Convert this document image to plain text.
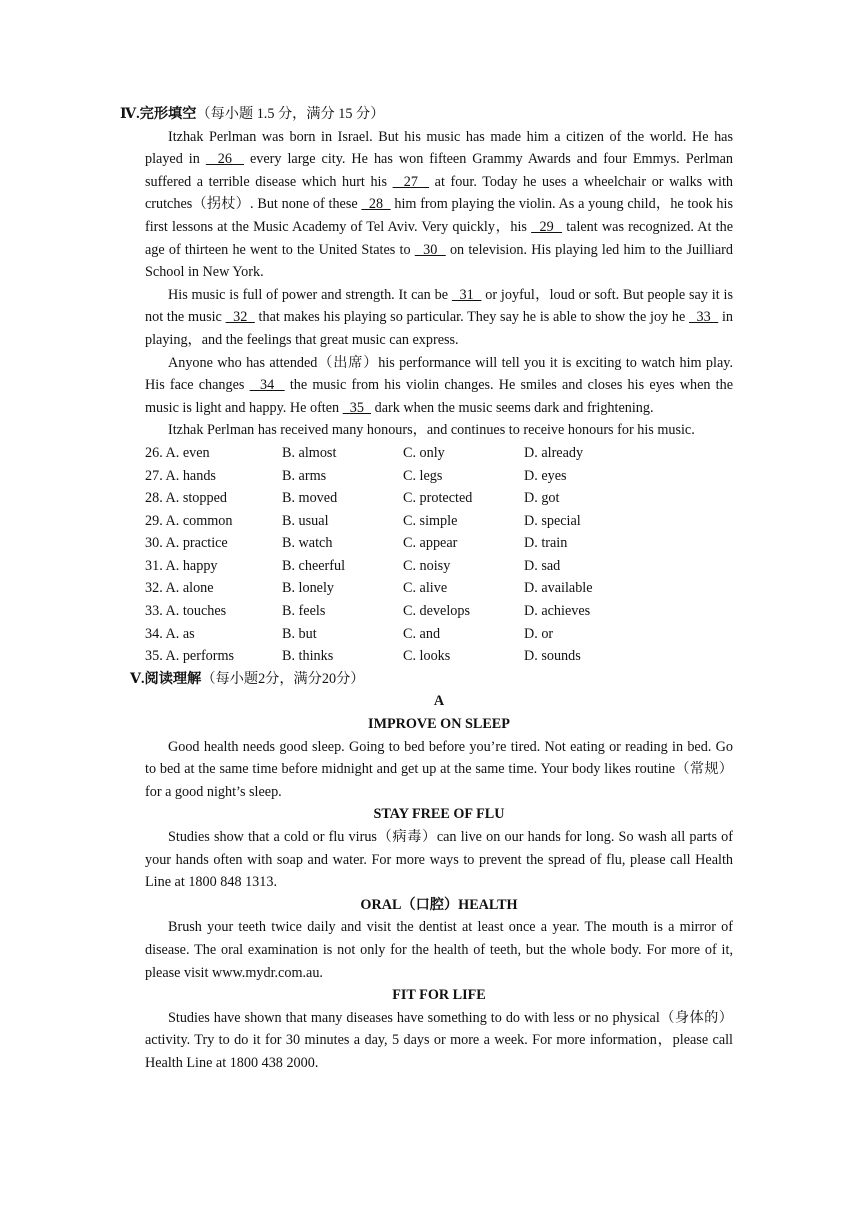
Ⅳ.完形填空（每小题 1.5 分，满分 15 分）

Itzhak Perlman was born in Israel. But his music has made him a citizen of the world. He has played in   26   every large city. He has won fifteen Grammy Awards and four Emmys. Perlman suffered a terrible disease which hurt his   27   at four. Today he uses a wheelchair or walks with crutches（拐杖）. But none of these   28   him from playing the violin. As a young child，he took his first lessons at the Music Academy of Tel Aviv. Very quickly，his   29   talent was recognized. At the age of thirteen he went to the United States to   30   on television. His playing led him to the Juilliard School in New York.

His music is full of power and strength. It can be   31   or joyful，loud or soft. But people say it is not the music   32   that makes his playing so particular. They say he is able to show the joy he   33   in playing，and the feelings that great music can express.

Anyone who has attended（出席）his performance will tell you it is exciting to watch him play. His face changes   34   the music from his violin changes. He smiles and closes his eyes when the music is light and happy. He often   35   dark when the music seems dark and frightening.

Itzhak Perlman has received many honours，and continues to receive honours for his music.

26. A. even	B. almost	C. only	D. already
27. A. hands	B. arms	C. legs	D. eyes
28. A. stopped	B. moved	C. protected	D. got
29. A. common	B. usual	C. simple	D. special
30. A. practice	B. watch	C. appear	D. train
31. A. happy	B. cheerful	C. noisy	D. sad
32. A. alone	B. lonely	C. alive	D. available
33. A. touches	B. feels	C. develops	D. achieves
34. A. as	B. but	C. and	D. or
35. A. performs	B. thinks	C. looks	D. sounds
Ⅴ.阅读理解（每小题2分，满分20分）
A
IMPROVE ON SLEEP

Good health needs good sleep. Going to bed before you’re tired. Not eating or reading in bed. Go to bed at the same time before midnight and get up at the same time. Your body likes routine（常规）for a good night’s sleep.

STAY FREE OF FLU

Studies show that a cold or flu virus（病毒）can live on our hands for long. So wash all parts of your hands often with soap and water. For more ways to prevent the spread of flu, please call Health Line at 1800 848 1313.

ORAL（口腔）HEALTH

Brush your teeth twice daily and visit the dentist at least once a year. The mouth is a mirror of disease. The oral examination is not only for the health of teeth, but the whole body. For more of it, please visit www.mydr.com.au.

FIT FOR LIFE

Studies have shown that many diseases have something to do with less or no physical（身体的）activity. Try to do it for 30 minutes a day, 5 days or more a week. For more information，please call Health Line at 1800 438 2000.
